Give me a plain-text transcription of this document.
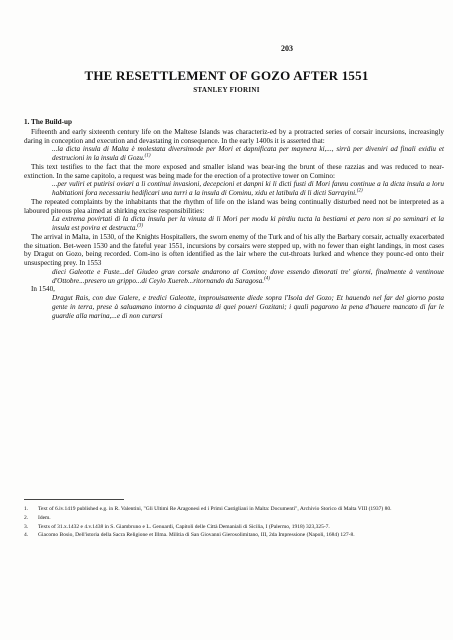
203
THE RESETTLEMENT OF GOZO AFTER 1551
STANLEY FIORINI

1. The Build-up

Fifteenth and early sixteenth century life on the Maltese Islands was characteriz-ed by a protracted series of corsair incursions, increasingly daring in conception and execution and devastating in consequence. In the early 1400s it is asserted that:

...la dicta insula di Malta è molestata diversimode per Mori et dapnificata per maynera ki,..., sirrà per diveniri ad finali exidiu et destrucioni in la insula di Gozu.$^{(1)}$

This text testifies to the fact that the more exposed and smaller island was bear-ing the brunt of these razzias and was reduced to near-extinction. In the same capitolo, a request was being made for the erection of a protective tower on Comino:

...per vuliri et putirisi oviari a li continui invasioni, decepcioni et danpni ki li dicti fusti di Mori fannu continue a la dicta insula a loru habitationi fora necessariu hedificari una turri a la insula di Cominu, xidu et latibula di li dicti Sarrayini.$^{(2)}$

The repeated complaints by the inhabitants that the rhythm of life on the island was being continually disturbed need not be interpreted as a laboured piteous plea aimed at shirking excise responsibilities:

La extrema povirtati di la dicta insula per la vinuta di li Mori per modu ki pirdiu tucta la bestiami et pero non si po seminari et la insula est povira et destructa.$^{(3)}$

The arrival in Malta, in 1530, of the Knights Hospitallers, the sworn enemy of the Turk and of his ally the Barbary corsair, actually exacerbated the situation. Bet-ween 1530 and the fateful year 1551, incursions by corsairs were stepped up, with no fewer than eight landings, in most cases by Dragut on Gozo, being recorded. Com-ino is often identified as the lair where the cut-throats lurked and whence they pounc-ed onto their unsuspecting prey. In 1553

dieci Galeotte e Fuste...del Giudeo gran corsale andarono al Comino; dove essendo dimorati tre' giorni, finalmente à ventinoue d'Ottobre...presero un grippo...di Ceylo Xuereb...ritornando da Saragosa.$^{(4)}$

In 1540,

Dragut Rais, con due Galere, e tredici Galeotte, improuisamente diede sopra l'Isola del Gozo; Et hauendo nel far del giorno posta gente in terra, prese à saluamano intorno à cinquanta di quei poueri Gozitani; i quali pagarono la pena d'hauere mancato di far le guardie alla marina,...e di non curarsi

1.	Text of 6.iv.1419 published e.g. in R. Valentini, "Gli Ultimi Re Aragonesi ed i Primi Castigliani in Malta: Documenti", Archivio Storico di Malta VIII (1937) 80.
2.	Idem.
3.	Texts of 31.x.1432 e 4.v.1438 in S. Giambruno e L. Genuardi, Capitoli delle Città Demaniali di Sicilia, I (Palermo, 1918) 323,325-7.
4.	Giacomo Bosio, Dell'istoria della Sacra Religione et Illma. Militia di San Giovanni Gierosolimitano, III, 2da Impressione (Napoli, 1684) 127-8.
